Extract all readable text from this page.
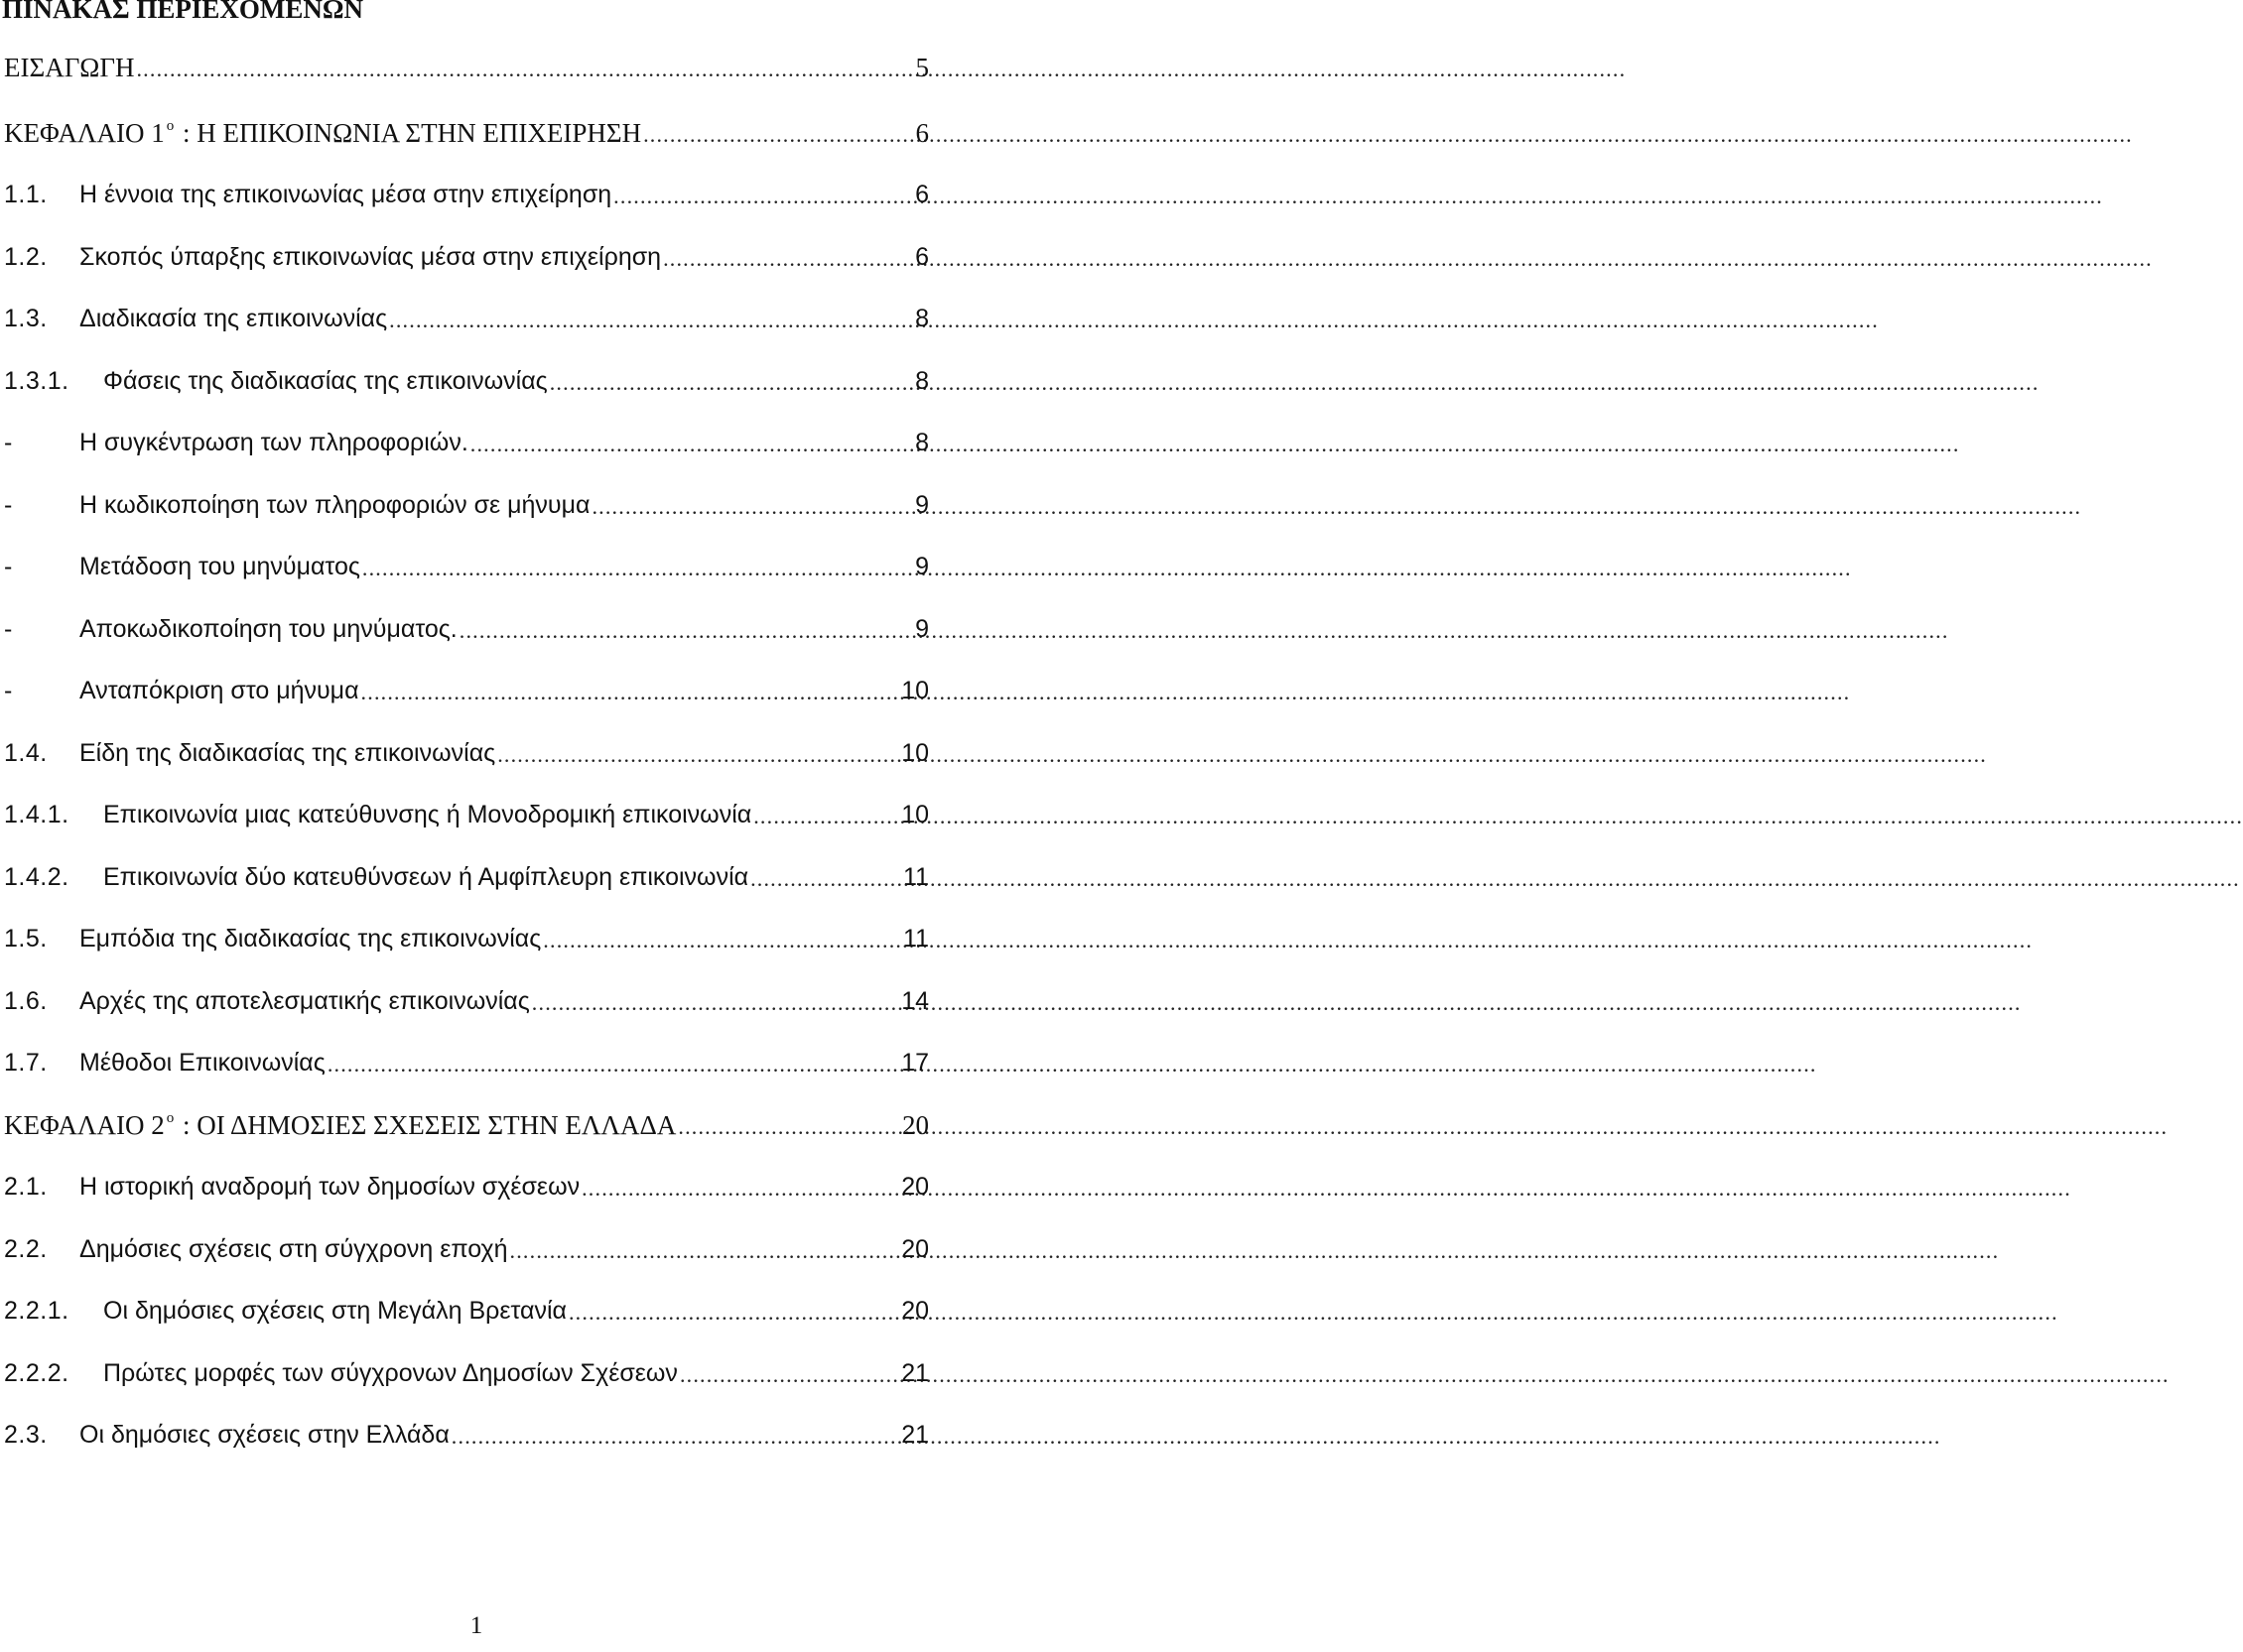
ΠΙΝΑΚΑΣ ΠΕΡΙΕΧΟΜΕΝΩΝ
ΕΙΣΑΓΩΓΗ .....	5
ΚΕΦΑΛΑΙΟ 1 $^o$ : Η ΕΠΙΚΟΙΝΩΝΙΑ ΣΤΗΝ ΕΠΙΧΕΙΡΗΣΗ .....	6
1.1.	Η έννοια της επικοινωνίας μέσα στην επιχείρηση .....	6
1.2.	Σκοπός ύπαρξης επικοινωνίας μέσα στην επιχείρηση .....	6
1.3.	Διαδικασία της επικοινωνίας .....	8
1.3.1.	Φάσεις της διαδικασίας της επικοινωνίας .....	8
-	Η συγκέντρωση των πληροφοριών. .....	8
-	Η κωδικοποίηση των πληροφοριών σε μήνυμα .....	9
-	Μετάδοση του μηνύματος .....	9
-	Αποκωδικοποίηση του μηνύματος. .....	9
-	Ανταπόκριση στο μήνυμα .....	10
1.4.	Είδη της διαδικασίας της επικοινωνίας .....	10
1.4.1.	Επικοινωνία μιας κατεύθυνσης ή Μονοδρομική επικοινωνία .....	10
1.4.2.	Επικοινωνία δύο κατευθύνσεων ή Αμφίπλευρη επικοινωνία .....	11
1.5.	Εμπόδια της διαδικασίας της επικοινωνίας .....	11
1.6.	Αρχές της αποτελεσματικής επικοινωνίας .....	14
1.7.	Μέθοδοι Επικοινωνίας .....	17
ΚΕΦΑΛΑΙΟ 2 $^o$ : ΟΙ ΔΗΜΟΣΙΕΣ ΣΧΕΣΕΙΣ ΣΤΗΝ ΕΛΛΑΔΑ .....	20
2.1.	Η ιστορική αναδρομή των δημοσίων σχέσεων .....	20
2.2.	Δημόσιες σχέσεις στη σύγχρονη εποχή .....	20
2.2.1.	Οι δημόσιες σχέσεις στη Μεγάλη Βρετανία .....	20
2.2.2.	Πρώτες μορφές των σύγχρονων Δημοσίων Σχέσεων .....	21
2.3.	Οι δημόσιες σχέσεις στην Ελλάδα .....	21
1
